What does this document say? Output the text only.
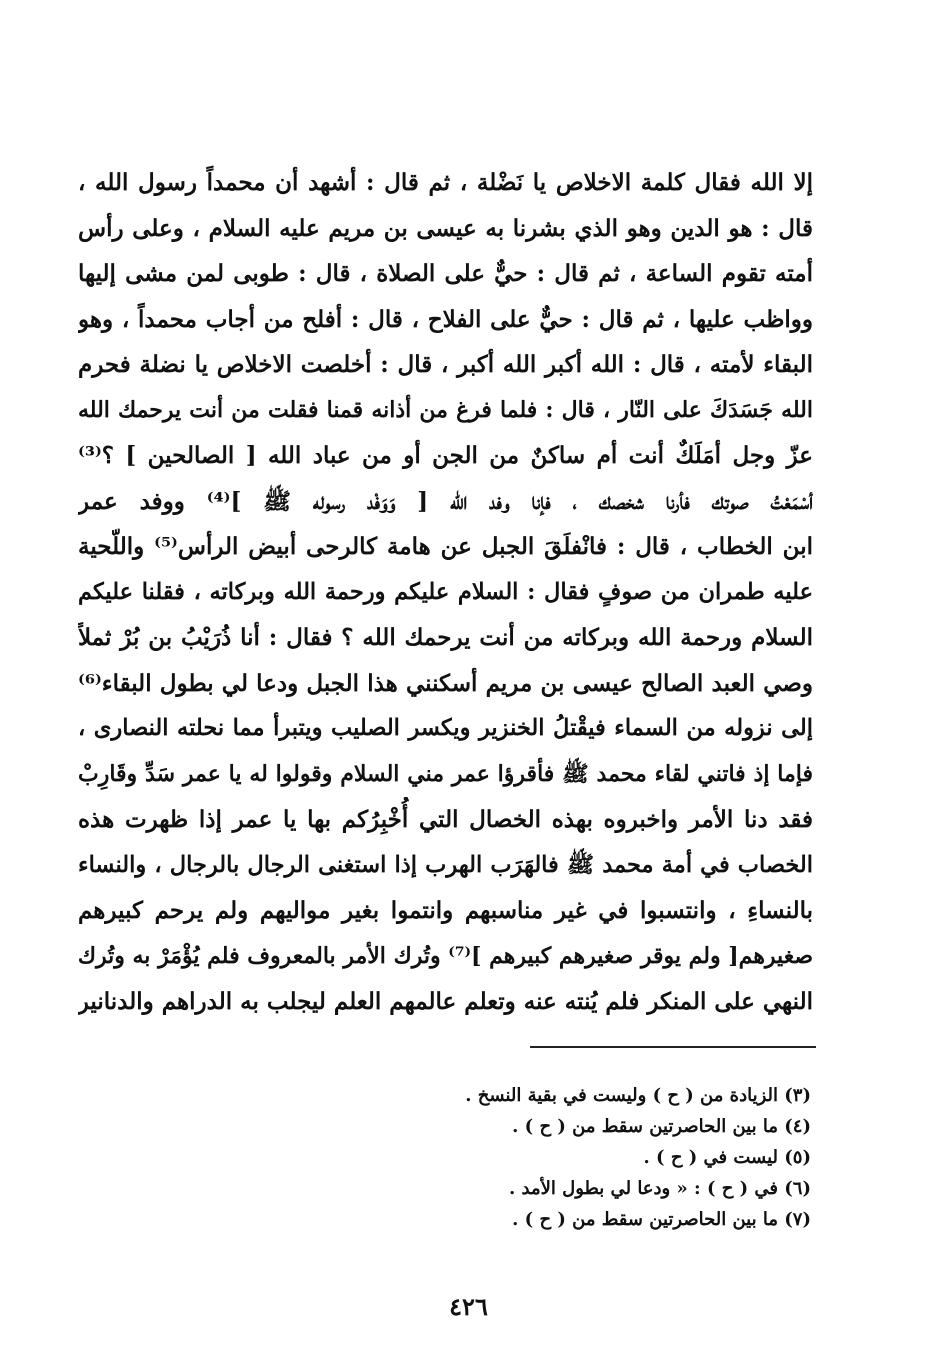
إلا الله فقال كلمة الاخلاص يا نَضْلة ، ثم قال : أشهد أن محمداً رسول الله ،
قال : هو الدين وهو الذي بشرنا به عيسى بن مريم عليه السلام ، وعلى رأس
أمته تقوم الساعة ، ثم قال : حيٌّ على الصلاة ، قال : طوبى لمن مشى إليها
وواظب عليها ، ثم قال : حيٌّ على الفلاح ، قال : أفلح من أجاب محمداً ، وهو
البقاء لأمته ، قال : الله أكبر الله أكبر ، قال : أخلصت الاخلاص يا نضلة فحرم
الله جَسَدَكَ على النّار ، قال : فلما فرغ من أذانه قمنا فقلت من أنت يرحمك الله
عزّ وجل أمَلَكٌ أنت أم ساكنٌ من الجن أو من عباد الله [ الصالحين ] ؟⁽³⁾
أسْمَعْتُ صوتك فأرنا شخصك ، فإنا وفد الله [ وَوَفْد رسوله ﷺ ]⁽⁴⁾ ووفد عمر
ابن الخطاب ، قال : فانْفلَقَ الجبل عن هامة كالرحى أبيض الرأس⁽⁵⁾ واللّحية
عليه طمران من صوفٍ فقال : السلام عليكم ورحمة الله وبركاته ، فقلنا عليكم
السلام ورحمة الله وبركاته من أنت يرحمك الله ؟ فقال : أنا ذُرَيْبُ بن بُرْ ثملاً
وصي العبد الصالح عيسى بن مريم أسكنني هذا الجبل ودعا لي بطول البقاء⁽⁶⁾
إلى نزوله من السماء فيقْتلُ الخنزير ويكسر الصليب ويتبرأ مما نحلته النصارى ،
فإما إذ فاتني لقاء محمد ﷺ فأقرؤا عمر مني السلام وقولوا له يا عمر سَدِّ وقَارِبْ
فقد دنا الأمر واخبروه بهذه الخصال التي أُخْبِرُكم بها يا عمر إذا ظهرت هذه
الخصاب في أمة محمد ﷺ فالهَرَب الهرب إذا استغنى الرجال بالرجال ، والنساء
بالنساءِ ، وانتسبوا في غير مناسبهم وانتموا بغير مواليهم ولم يرحم كبيرهم
صغيرهم[ ولم يوقر صغيرهم كبيرهم ]⁽⁷⁾ وتُرك الأمر بالمعروف فلم يُؤْمَرْ به وتُرك
النهي على المنكر فلم يُنته عنه وتعلم عالمهم العلم ليجلب به الدراهم والدنانير
(٣) الزيادة من ( ح ) وليست في بقية النسخ .
(٤) ما بين الحاصرتين سقط من ( ح ) .
(٥) ليست في ( ح ) .
(٦) في ( ح ) : « ودعا لي بطول الأمد .
(٧) ما بين الحاصرتين سقط من ( ح ) .
٤٢٦
